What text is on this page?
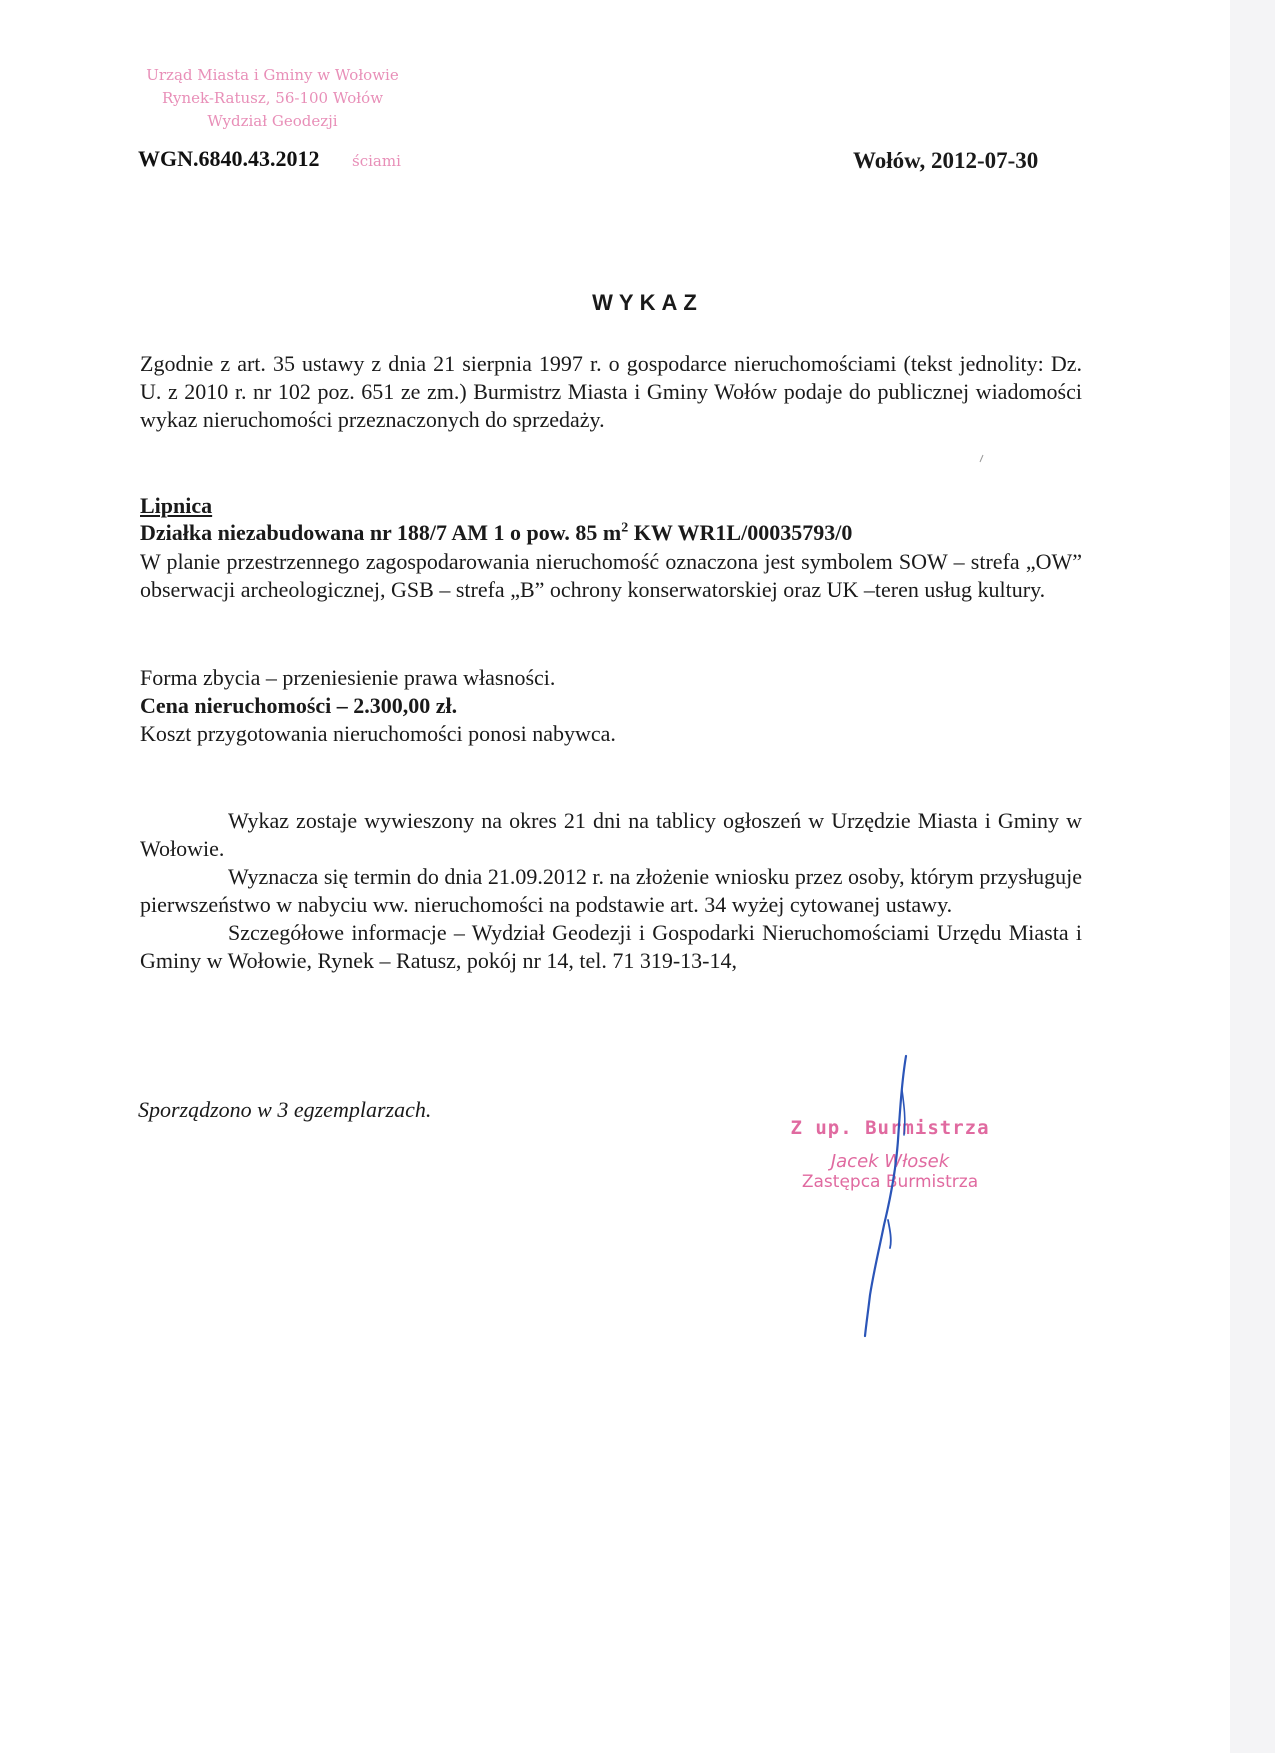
Urząd Miasta i Gminy w Wołowie
Rynek-Ratusz, 56-100 Wołów
Wydział Geodezji
ściami
WGN.6840.43.2012	Wołów, 2012-07-30
WYKAZ

Zgodnie z art. 35 ustawy z dnia 21 sierpnia 1997 r. o gospodarce nieruchomościami (tekst jednolity: Dz. U. z 2010 r. nr 102 poz. 651 ze zm.) Burmistrz Miasta i Gminy Wołów podaje do publicznej wiadomości wykaz nieruchomości przeznaczonych do sprzedaży.

Lipnica
Działka niezabudowana nr 188/7 AM 1 o pow. 85 $m^2$ KW WR1L/00035793/0
W planie przestrzennego zagospodarowania nieruchomość oznaczona jest symbolem SOW – strefa „OW” obserwacji archeologicznej, GSB – strefa „B” ochrony konserwatorskiej oraz UK –teren usług kultury.
Forma zbycia – przeniesienie prawa własności.
Cena nieruchomości – 2.300,00 zł.
Koszt przygotowania nieruchomości ponosi nabywca.

Wykaz zostaje wywieszony na okres 21 dni na tablicy ogłoszeń w Urzędzie Miasta i Gminy w Wołowie.

Wyznacza się termin do dnia 21.09.2012 r. na złożenie wniosku przez osoby, którym przysługuje pierwszeństwo w nabyciu ww. nieruchomości na podstawie art. 34 wyżej cytowanej ustawy.

Szczegółowe informacje – Wydział Geodezji i Gospodarki Nieruchomościami Urzędu Miasta i Gminy w Wołowie, Rynek – Ratusz, pokój nr 14, tel. 71 319-13-14,

Sporządzono w 3 egzemplarzach.
Z up. Burmistrza
Jacek Włosek
Zastępca Burmistrza
